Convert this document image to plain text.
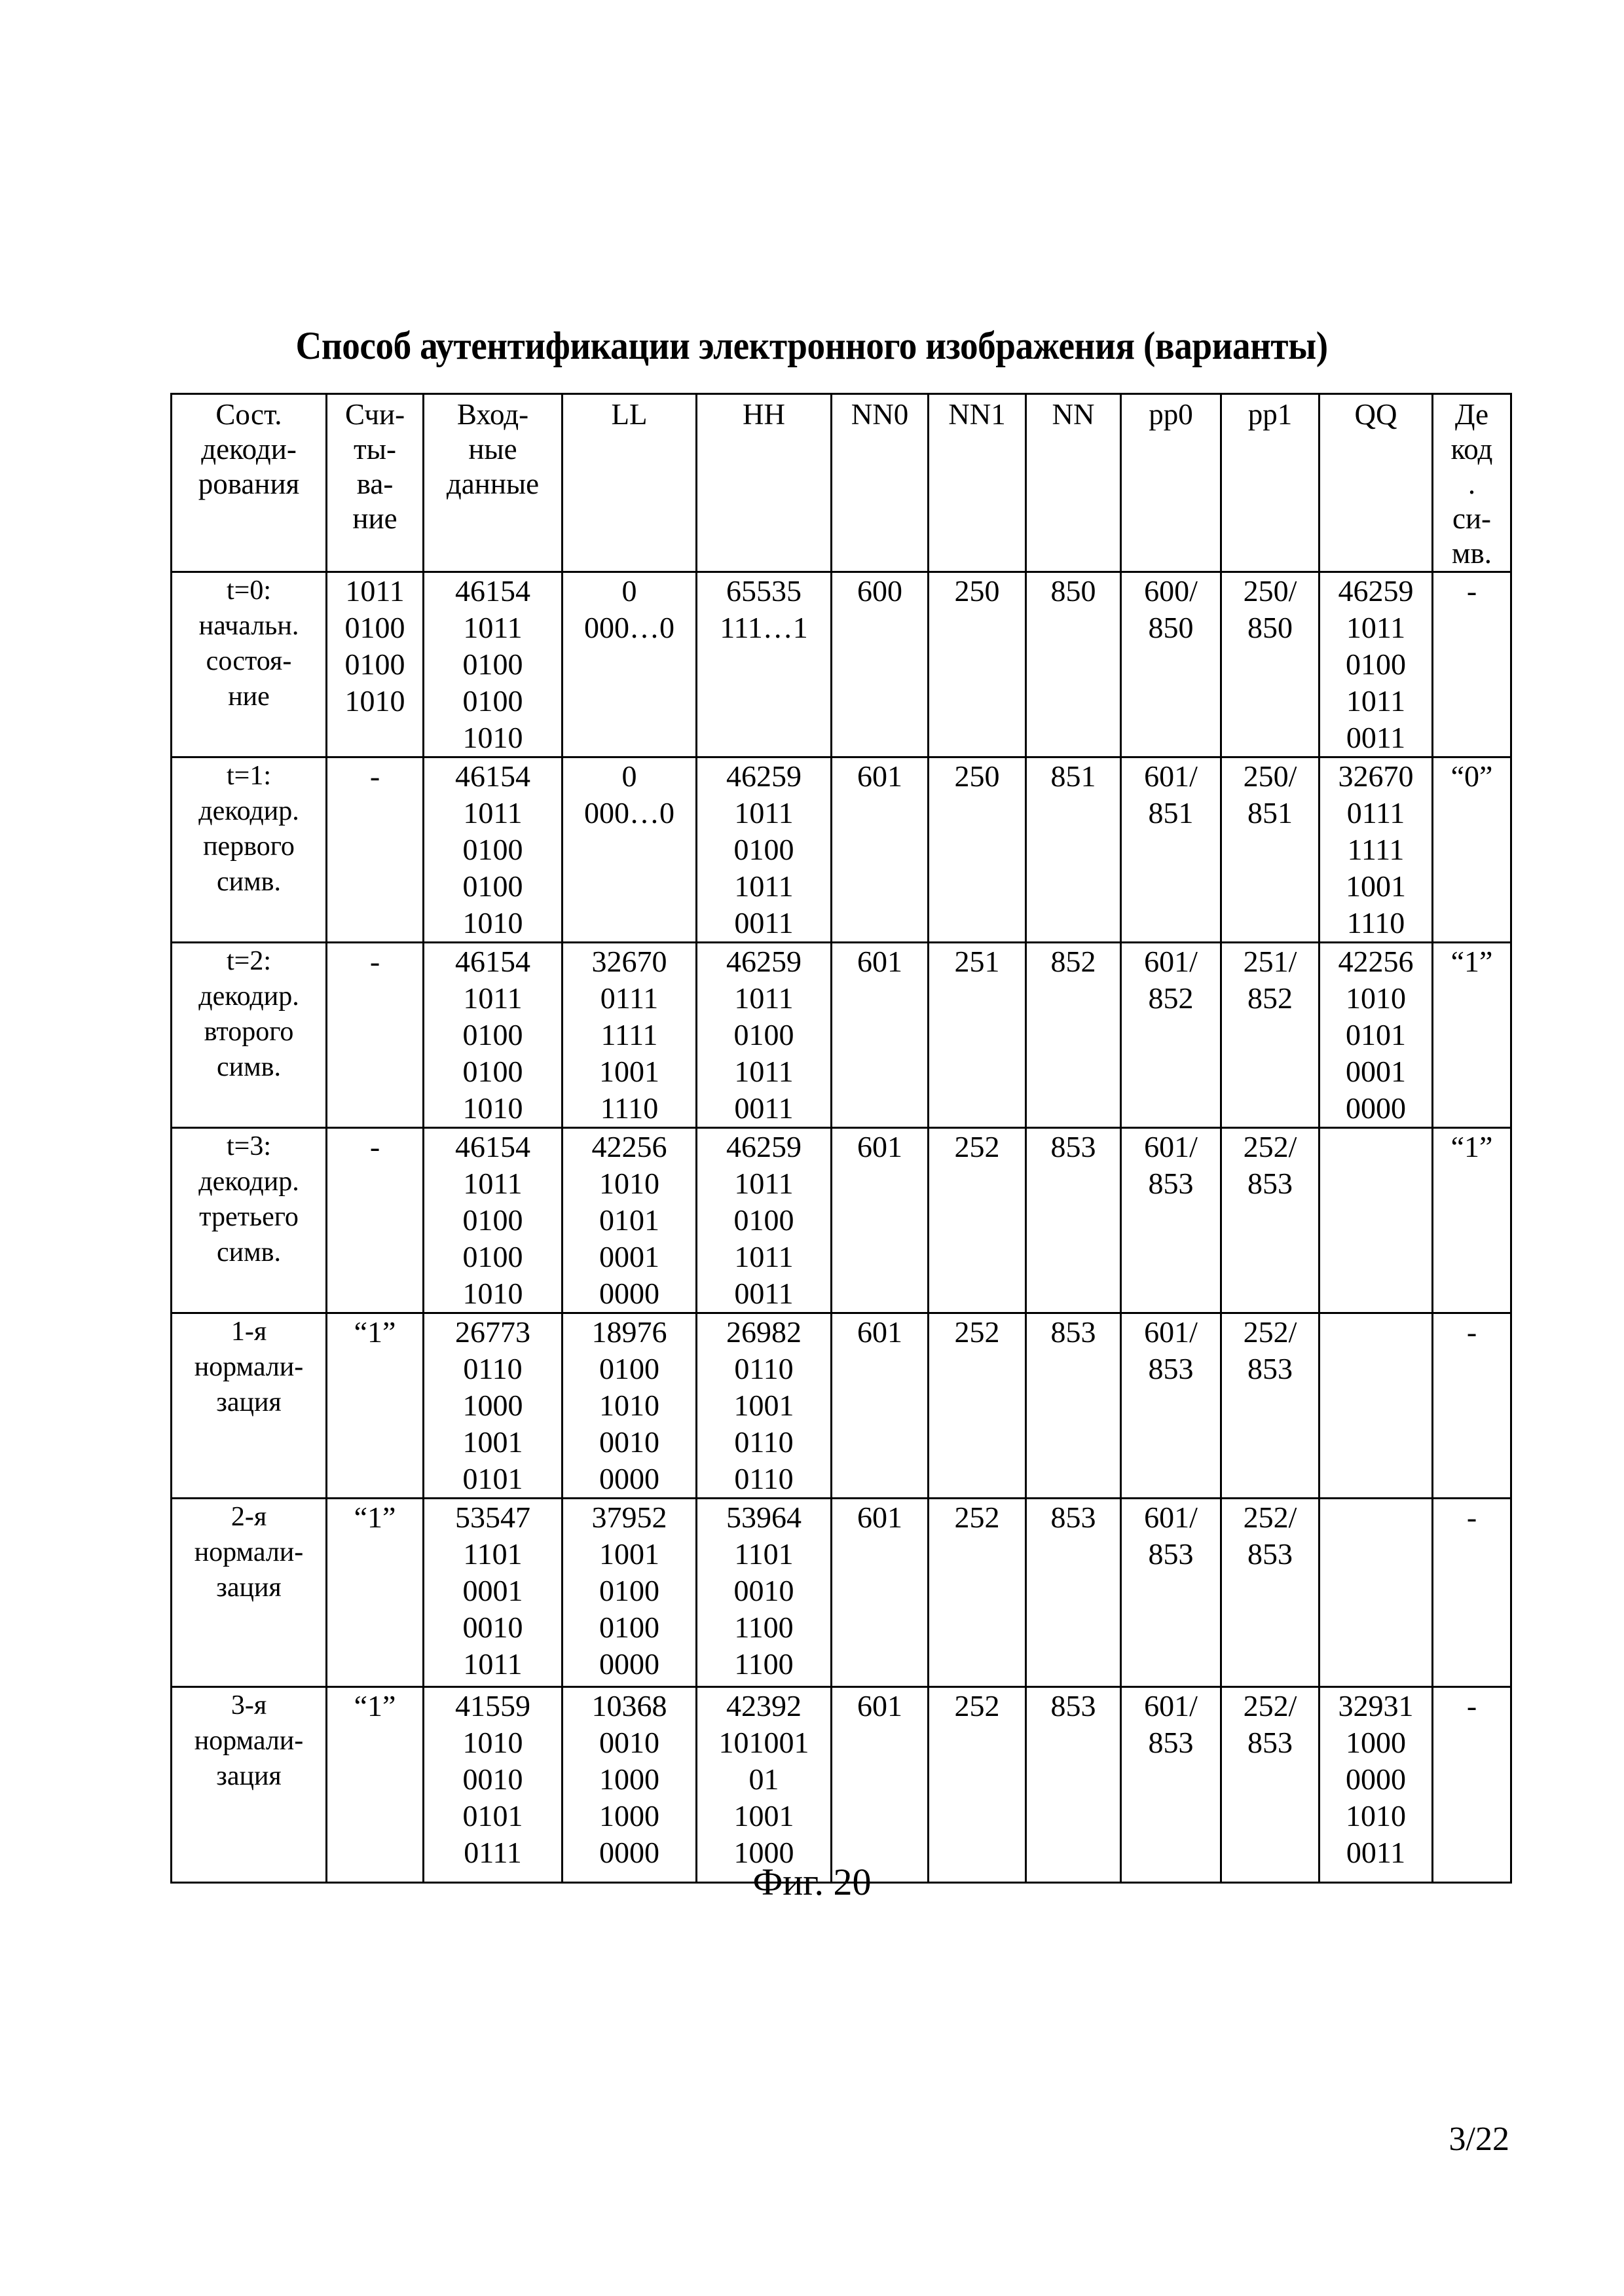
Способ аутентификации электронного изображения (варианты)
Сост.
декоди-
рования

Счи-
ты-
ва-
ние

Вход-
ные
данные

LL	HH	NN0	NN1	NN	pp0	pp1	QQ	Де
код
.
си-
мв.

t=0:
начальн.
состоя-
ние

1011
0100
0100
1010

46154
1011
0100
0100
1010

0
000…0

65535
111…1

600	250	850	600/
850

250/
850

46259
1011
0100
1011
0011

-

t=1:
декодир.
первого
симв.

-	46154
1011
0100
0100
1010

0
000…0

46259
1011
0100
1011
0011

601	250	851	601/
851

250/
851

32670
0111
1111
1001
1110

“0”

t=2:
декодир.
второго
симв.

-	46154
1011
0100
0100
1010

32670
0111
1111
1001
1110

46259
1011
0100
1011
0011

601	251	852	601/
852

251/
852

42256
1010
0101
0001
0000

“1”

t=3:
декодир.
третьего
симв.

-	46154
1011
0100
0100
1010

42256
1010
0101
0001
0000

46259
1011
0100
1011
0011

601	252	853	601/
853

252/
853

“1”

1-я
нормали-
зация

“1”	26773
0110
1000
1001
0101

18976
0100
1010
0010
0000

26982
0110
1001
0110
0110

601	252	853	601/
853

252/
853

-

2-я
нормали-
зация

“1”	53547
1101
0001
0010
1011

37952
1001
0100
0100
0000

53964
1101
0010
1100
1100

601	252	853	601/
853

252/
853

-

3-я
нормали-
зация

“1”	41559
1010
0010
0101
0111

10368
0010
1000
1000
0000

42392
101001
01
1001
1000

601	252	853	601/
853

252/
853

32931
1000
0000
1010
0011

-
Фиг. 20
3/22
